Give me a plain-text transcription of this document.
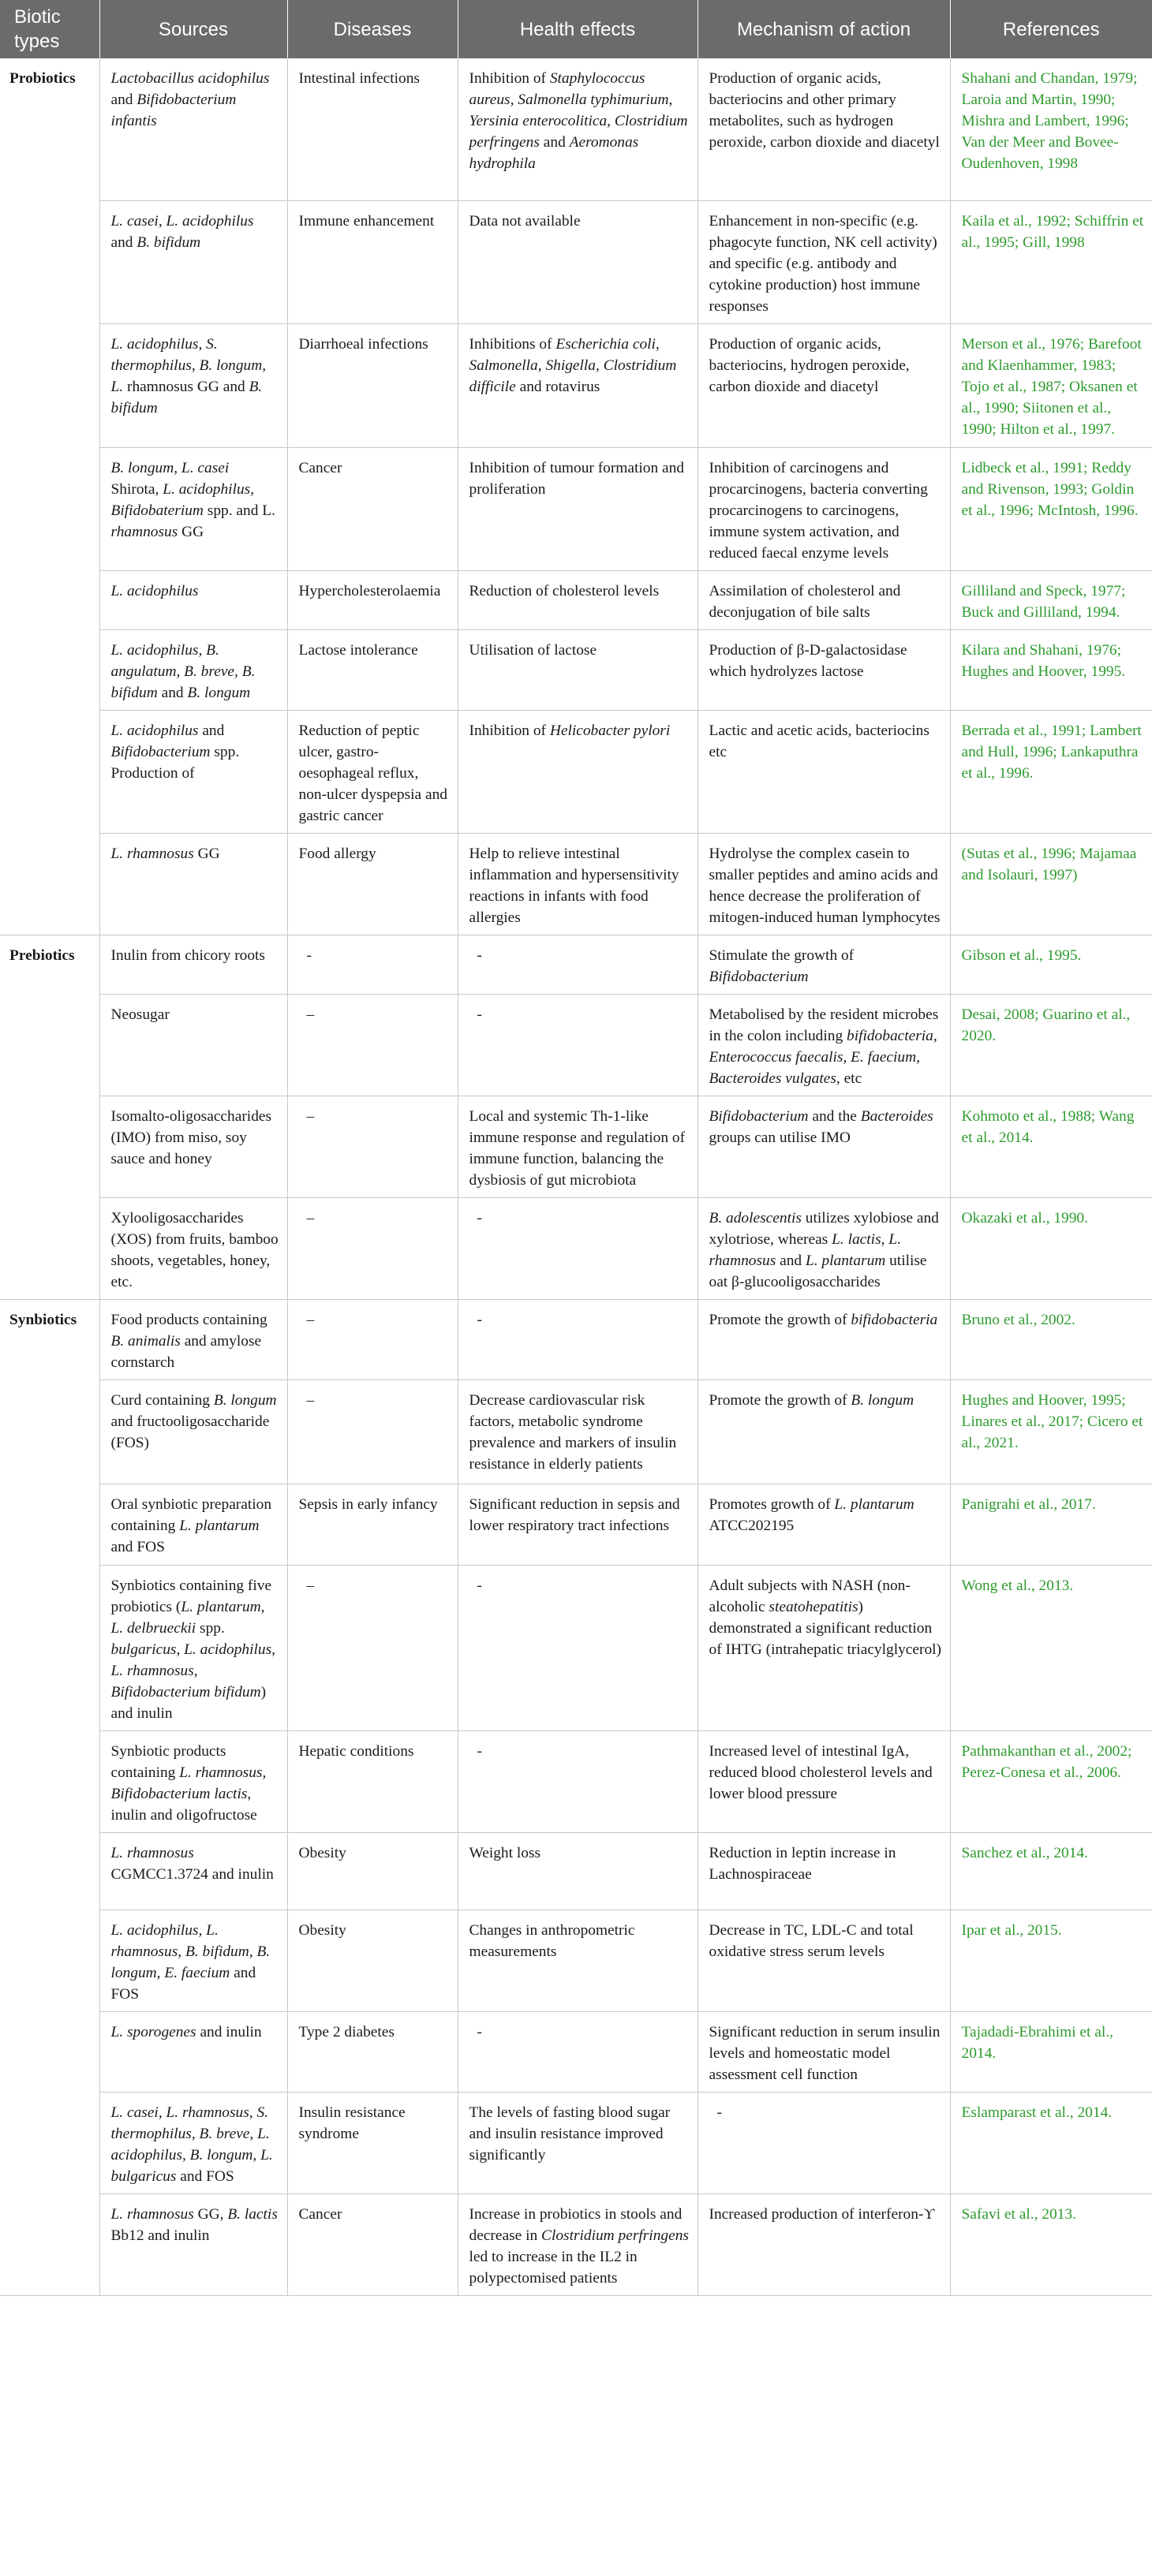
Biotic types	Sources	Diseases	Health effects	Mechanism of action	References
Probiotics	Lactobacillus acidophilus and Bifidobacterium infantis	Intestinal infections	Inhibition of Staphylococcus aureus, Salmonella typhimurium, Yersinia enterocolitica, Clostridium perfringens and Aeromonas hydrophila	Production of organic acids, bacteriocins and other primary metabolites, such as hydrogen peroxide, carbon dioxide and diacetyl	Shahani and Chandan, 1979; Laroia and Martin, 1990; Mishra and Lambert, 1996; Van der Meer and Bovee-Oudenhoven, 1998
	L. casei, L. acidophilus and B. bifidum	Immune enhancement	Data not available	Enhancement in non-specific (e.g. phagocyte function, NK cell activity) and specific (e.g. antibody and cytokine production) host immune responses	Kaila et al., 1992; Schiffrin et al., 1995; Gill, 1998
	L. acidophilus, S. thermophilus, B. longum, L. rhamnosus GG and B. bifidum	Diarrhoeal infections	Inhibitions of Escherichia coli, Salmonella, Shigella, Clostridium difficile and rotavirus	Production of organic acids, bacteriocins, hydrogen peroxide, carbon dioxide and diacetyl	Merson et al., 1976; Barefoot and Klaenhammer, 1983; Tojo et al., 1987; Oksanen et al., 1990; Siitonen et al., 1990; Hilton et al., 1997.
	B. longum, L. casei Shirota, L. acidophilus, Bifidobaterium spp. and L. rhamnosus GG	Cancer	Inhibition of tumour formation and proliferation	Inhibition of carcinogens and procarcinogens, bacteria converting procarcinogens to carcinogens, immune system activation, and reduced faecal enzyme levels	Lidbeck et al., 1991; Reddy and Rivenson, 1993; Goldin et al., 1996; McIntosh, 1996.
	L. acidophilus	Hypercholesterolaemia	Reduction of cholesterol levels	Assimilation of cholesterol and deconjugation of bile salts	Gilliland and Speck, 1977; Buck and Gilliland, 1994.
	L. acidophilus, B. angulatum, B. breve, B. bifidum and B. longum	Lactose intolerance	Utilisation of lactose	Production of β-D-galactosidase which hydrolyzes lactose	Kilara and Shahani, 1976; Hughes and Hoover, 1995.
	L. acidophilus and Bifidobacterium spp. Production of	Reduction of peptic ulcer, gastro-oesophageal reflux, non-ulcer dyspepsia and gastric cancer	Inhibition of Helicobacter pylori	Lactic and acetic acids, bacteriocins etc	Berrada et al., 1991; Lambert and Hull, 1996; Lankaputhra et al., 1996.
	L. rhamnosus GG	Food allergy	Help to relieve intestinal inflammation and hypersensitivity reactions in infants with food allergies	Hydrolyse the complex casein to smaller peptides and amino acids and hence decrease the proliferation of mitogen-induced human lymphocytes	(Sutas et al., 1996; Majamaa and Isolauri, 1997)
Prebiotics	Inulin from chicory roots	-	-	Stimulate the growth of Bifidobacterium	Gibson et al., 1995.
	Neosugar	–	-	Metabolised by the resident microbes in the colon including bifidobacteria, Enterococcus faecalis, E. faecium, Bacteroides vulgates, etc	Desai, 2008; Guarino et al., 2020.
	Isomalto-oligosaccharides (IMO) from miso, soy sauce and honey	–	Local and systemic Th-1-like immune response and regulation of immune function, balancing the dysbiosis of gut microbiota	Bifidobacterium and the Bacteroides groups can utilise IMO	Kohmoto et al., 1988; Wang et al., 2014.
	Xylooligosaccharides (XOS) from fruits, bamboo shoots, vegetables, honey, etc.	–	-	B. adolescentis utilizes xylobiose and xylotriose, whereas L. lactis, L. rhamnosus and L. plantarum utilise oat β-glucooligosaccharides	Okazaki et al., 1990.
Synbiotics	Food products containing B. animalis and amylose cornstarch	–	-	Promote the growth of bifidobacteria	Bruno et al., 2002.
	Curd containing B. longum and fructooligosaccharide (FOS)	–	Decrease cardiovascular risk factors, metabolic syndrome prevalence and markers of insulin resistance in elderly patients	Promote the growth of B. longum	Hughes and Hoover, 1995; Linares et al., 2017; Cicero et al., 2021.
	Oral synbiotic preparation containing L. plantarum and FOS	Sepsis in early infancy	Significant reduction in sepsis and lower respiratory tract infections	Promotes growth of L. plantarum ATCC202195	Panigrahi et al., 2017.
	Synbiotics containing five probiotics (L. plantarum, L. delbrueckii spp. bulgaricus, L. acidophilus, L. rhamnosus, Bifidobacterium bifidum) and inulin	–	-	Adult subjects with NASH (non-alcoholic steatohepatitis) demonstrated a significant reduction of IHTG (intrahepatic triacylglycerol)	Wong et al., 2013.
	Synbiotic products containing L. rhamnosus, Bifidobacterium lactis, inulin and oligofructose	Hepatic conditions	-	Increased level of intestinal IgA, reduced blood cholesterol levels and lower blood pressure	Pathmakanthan et al., 2002; Perez-Conesa et al., 2006.
	L. rhamnosus CGMCC1.3724 and inulin	Obesity	Weight loss	Reduction in leptin increase in Lachnospiraceae	Sanchez et al., 2014.
	L. acidophilus, L. rhamnosus, B. bifidum, B. longum, E. faecium and FOS	Obesity	Changes in anthropometric measurements	Decrease in TC, LDL-C and total oxidative stress serum levels	Ipar et al., 2015.
	L. sporogenes and inulin	Type 2 diabetes	-	Significant reduction in serum insulin levels and homeostatic model assessment cell function	Tajadadi-Ebrahimi et al., 2014.
	L. casei, L. rhamnosus, S. thermophilus, B. breve, L. acidophilus, B. longum, L. bulgaricus and FOS	Insulin resistance syndrome	The levels of fasting blood sugar and insulin resistance improved significantly	-	Eslamparast et al., 2014.
	L. rhamnosus GG, B. lactis Bb12 and inulin	Cancer	Increase in probiotics in stools and decrease in Clostridium perfringens led to increase in the IL2 in polypectomised patients	Increased production of interferon-ϒ	Safavi et al., 2013.
